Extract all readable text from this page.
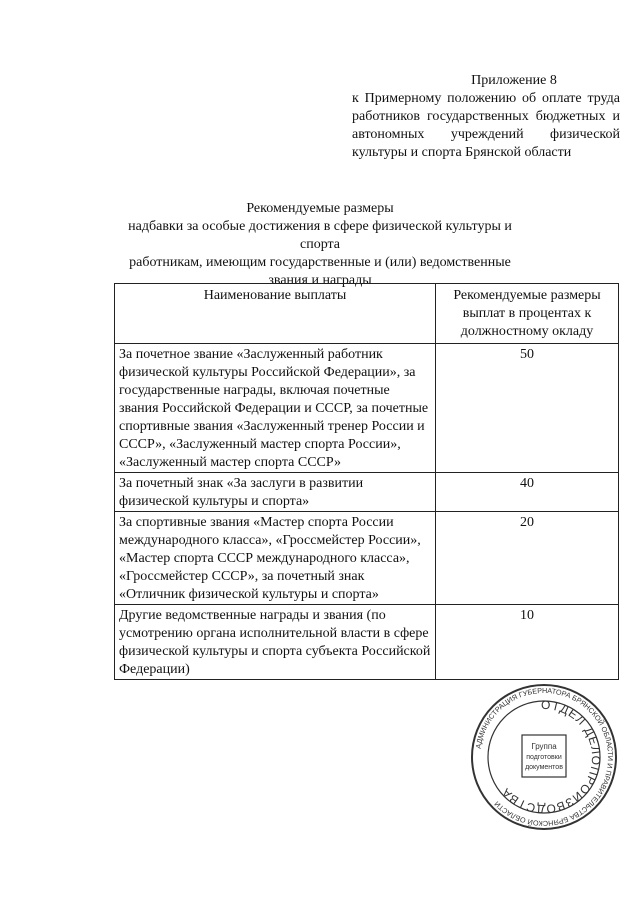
Приложение 8
к Примерному положению об оплате труда работников государственных бюджетных и автономных учреждений физической культуры и спорта Брянской области
Рекомендуемые размеры
надбавки за особые достижения в сфере физической культуры и спорта
работникам, имеющим государственные и (или) ведомственные звания и награды
Наименование выплаты	Рекомендуемые размеры выплат в процентах к должностному окладу
За почетное звание «Заслуженный работник физической культуры Российской Федерации», за государственные награды, включая почетные звания Российской Федерации и СССР, за почетные спортивные звания «Заслуженный тренер России и СССР», «Заслуженный мастер спорта России», «Заслуженный мастер спорта СССР»	50
За почетный знак «За заслуги в развитии физической культуры и спорта»	40
За спортивные звания «Мастер спорта России международного класса», «Гроссмейстер России», «Мастер спорта СССР международного класса», «Гроссмейстер СССР», за почетный знак «Отличник физической культуры и спорта»	20
Другие ведомственные награды и звания (по усмотрению органа исполнительной власти в сфере физической культуры и спорта субъекта Российской Федерации)	10
АДМИНИСТРАЦИЯ ГУБЕРНАТОРА БРЯНСКОЙ ОБЛАСТИ И ПРАВИТЕЛЬСТВА БРЯНСКОЙ ОБЛАСТИ
ОТДЕЛ ДЕЛОПРОИЗВОДСТВА
Группа
подготовки
документов
